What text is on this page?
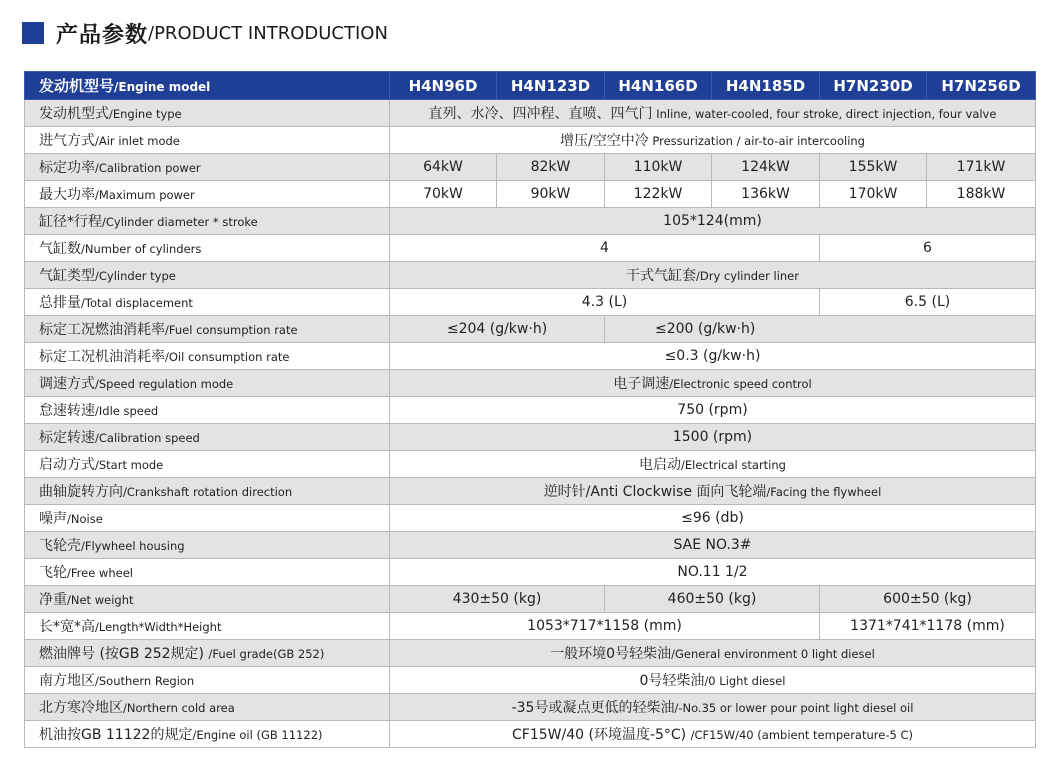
产品参数 /PRODUCT INTRODUCTION
发动机型号/Engine model	H4N96D	H4N123D	H4N166D	H4N185D	H7N230D	H7N256D
发动机型式/Engine type	直列、水冷、四冲程、直喷、四气门 Inline, water-cooled, four stroke, direct injection, four valve					
进气方式/Air inlet mode	增压/空空中冷 Pressurization / air-to-air intercooling					
标定功率/Calibration power	64kW	82kW	110kW	124kW	155kW	171kW
最大功率/Maximum power	70kW	90kW	122kW	136kW	170kW	188kW
缸径*行程/Cylinder diameter * stroke	105*124(mm)					
气缸数/Number of cylinders	4				6	
气缸类型/Cylinder type	干式气缸套/Dry cylinder liner					
总排量/Total displacement	4.3 (L)				6.5 (L)	
标定工况燃油消耗率/Fuel consumption rate	≤204 (g/kw·h)		≤200 (g/kw·h)			
标定工况机油消耗率/Oil consumption rate	≤0.3 (g/kw·h)					
调速方式/Speed regulation mode	电子调速/Electronic speed control					
怠速转速/Idle speed	750 (rpm)					
标定转速/Calibration speed	1500 (rpm)					
启动方式/Start mode	电启动/Electrical starting					
曲轴旋转方向/Crankshaft rotation direction	逆时针/Anti Clockwise 面向飞轮端/Facing the flywheel					
噪声/Noise	≤96 (db)					
飞轮壳/Flywheel housing	SAE NO.3#					
飞轮/Free wheel	NO.11 1/2					
净重/Net weight	430±50 (kg)		460±50 (kg)		600±50 (kg)	
长*宽*高/Length*Width*Height	1053*717*1158 (mm)				1371*741*1178 (mm)	
燃油牌号 (按GB 252规定) /Fuel grade(GB 252)	一般环境0号轻柴油/General environment 0 light diesel					
南方地区/Southern Region	0号轻柴油/0 Light diesel					
北方寒冷地区/Northern cold area	-35号或凝点更低的轻柴油/-No.35 or lower pour point light diesel oil					
机油按GB 11122的规定/Engine oil (GB 11122)	CF15W/40 (环境温度-5°C) /CF15W/40 (ambient temperature-5 C)					
